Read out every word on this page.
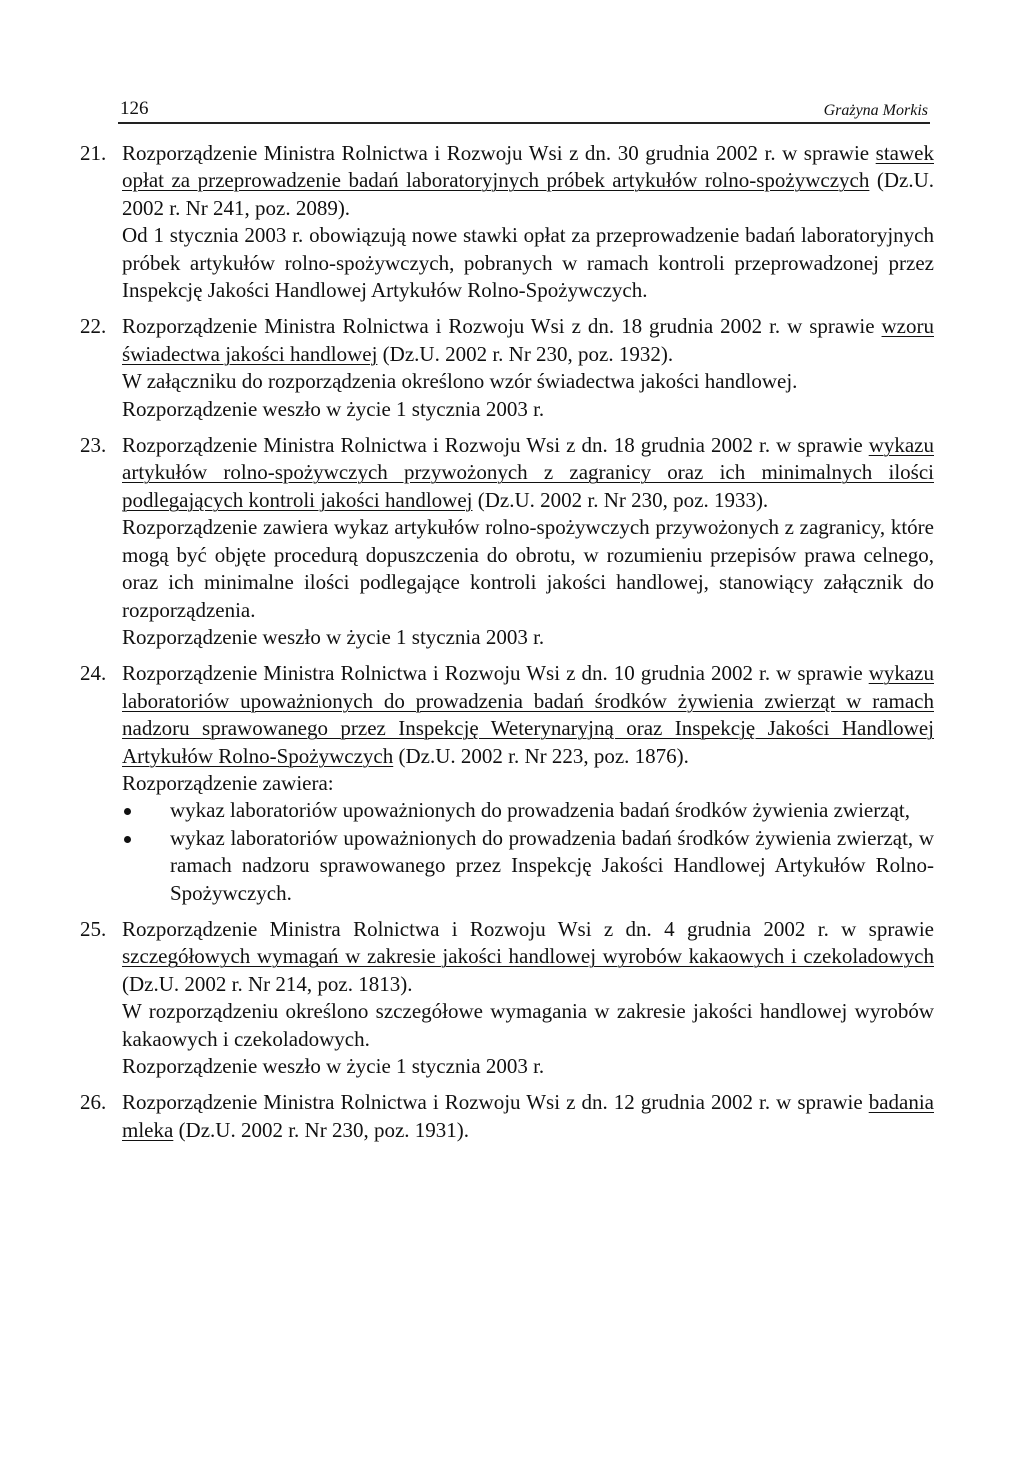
126	Grażyna Morkis
21. Rozporządzenie Ministra Rolnictwa i Rozwoju Wsi z dn. 30 grudnia 2002 r. w sprawie stawek opłat za przeprowadzenie badań laboratoryjnych próbek artykułów rolno-spożywczych (Dz.U. 2002 r. Nr 241, poz. 2089).
Od 1 stycznia 2003 r. obowiązują nowe stawki opłat za przeprowadzenie badań laboratoryjnych próbek artykułów rolno-spożywczych, pobranych w ramach kontroli przeprowadzonej przez Inspekcję Jakości Handlowej Artykułów Rolno-Spożywczych.
22. Rozporządzenie Ministra Rolnictwa i Rozwoju Wsi z dn. 18 grudnia 2002 r. w sprawie wzoru świadectwa jakości handlowej (Dz.U. 2002 r. Nr 230, poz. 1932).
W załączniku do rozporządzenia określono wzór świadectwa jakości handlowej.
Rozporządzenie weszło w życie 1 stycznia 2003 r.
23. Rozporządzenie Ministra Rolnictwa i Rozwoju Wsi z dn. 18 grudnia 2002 r. w sprawie wykazu artykułów rolno-spożywczych przywożonych z zagranicy oraz ich minimalnych ilości podlegających kontroli jakości handlowej (Dz.U. 2002 r. Nr 230, poz. 1933).
Rozporządzenie zawiera wykaz artykułów rolno-spożywczych przywożonych z zagranicy, które mogą być objęte procedurą dopuszczenia do obrotu, w rozumieniu przepisów prawa celnego, oraz ich minimalne ilości podlegające kontroli jakości handlowej, stanowiący załącznik do rozporządzenia.
Rozporządzenie weszło w życie 1 stycznia 2003 r.
24. Rozporządzenie Ministra Rolnictwa i Rozwoju Wsi z dn. 10 grudnia 2002 r. w sprawie wykazu laboratoriów upoważnionych do prowadzenia badań środków żywienia zwierząt w ramach nadzoru sprawowanego przez Inspekcję Weterynaryjną oraz Inspekcję Jakości Handlowej Artykułów Rolno-Spożywczych (Dz.U. 2002 r. Nr 223, poz. 1876).
Rozporządzenie zawiera:
wykaz laboratoriów upoważnionych do prowadzenia badań środków żywienia zwierząt,
wykaz laboratoriów upoważnionych do prowadzenia badań środków żywienia zwierząt, w ramach nadzoru sprawowanego przez Inspekcję Jakości Handlowej Artykułów Rolno-Spożywczych.
25. Rozporządzenie Ministra Rolnictwa i Rozwoju Wsi z dn. 4 grudnia 2002 r. w sprawie szczegółowych wymagań w zakresie jakości handlowej wyrobów kakaowych i czekoladowych (Dz.U. 2002 r. Nr 214, poz. 1813).
W rozporządzeniu określono szczegółowe wymagania w zakresie jakości handlowej wyrobów kakaowych i czekoladowych.
Rozporządzenie weszło w życie 1 stycznia 2003 r.
26. Rozporządzenie Ministra Rolnictwa i Rozwoju Wsi z dn. 12 grudnia 2002 r. w sprawie badania mleka (Dz.U. 2002 r. Nr 230, poz. 1931).
